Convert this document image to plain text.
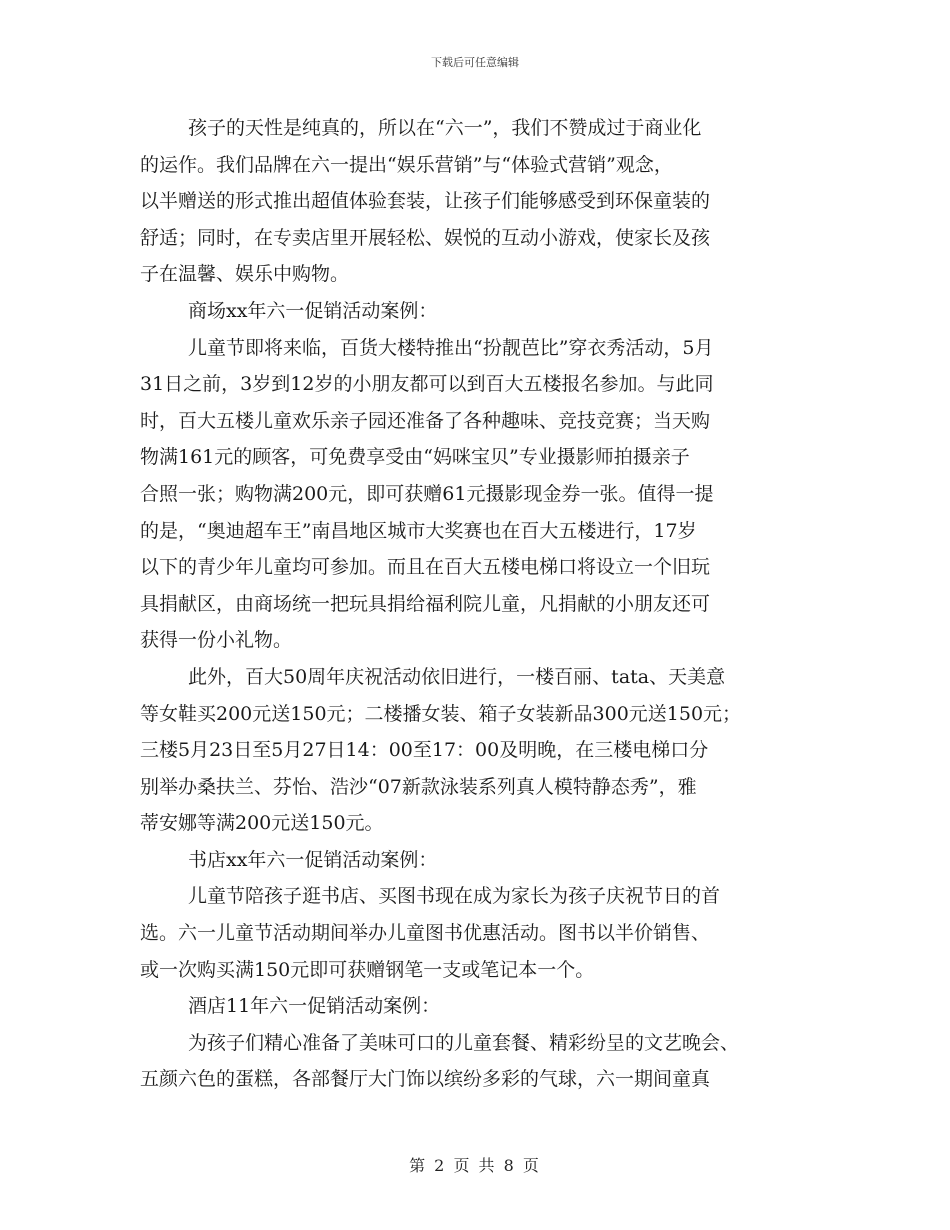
下载后可任意编辑
孩子的天性是纯真的，所以在“六一”，我们不赞成过于商业化
的运作。我们品牌在六一提出“娱乐营销”与“体验式营销”观念，
以半赠送的形式推出超值体验套装，让孩子们能够感受到环保童装的
舒适；同时，在专卖店里开展轻松、娱悦的互动小游戏，使家长及孩
子在温馨、娱乐中购物。
商场xx年六一促销活动案例：
儿童节即将来临，百货大楼特推出“扮靓芭比”穿衣秀活动，5月
31日之前，3岁到12岁的小朋友都可以到百大五楼报名参加。与此同
时，百大五楼儿童欢乐亲子园还准备了各种趣味、竞技竞赛；当天购
物满161元的顾客，可免费享受由“妈咪宝贝”专业摄影师拍摄亲子
合照一张；购物满200元，即可获赠61元摄影现金券一张。值得一提
的是，“奥迪超车王”南昌地区城市大奖赛也在百大五楼进行，17岁
以下的青少年儿童均可参加。而且在百大五楼电梯口将设立一个旧玩
具捐献区，由商场统一把玩具捐给福利院儿童，凡捐献的小朋友还可
获得一份小礼物。
此外，百大50周年庆祝活动依旧进行，一楼百丽、tata、天美意
等女鞋买200元送150元；二楼播女装、箱子女装新品300元送150元；
三楼5月23日至5月27日14：00至17：00及明晚，在三楼电梯口分
别举办桑扶兰、芬怡、浩沙“07新款泳装系列真人模特静态秀”，雅
蒂安娜等满200元送150元。
书店xx年六一促销活动案例：
儿童节陪孩子逛书店、买图书现在成为家长为孩子庆祝节日的首
选。六一儿童节活动期间举办儿童图书优惠活动。图书以半价销售、
或一次购买满150元即可获赠钢笔一支或笔记本一个。
酒店11年六一促销活动案例：
为孩子们精心准备了美味可口的儿童套餐、精彩纷呈的文艺晚会、
五颜六色的蛋糕，各部餐厅大门饰以缤纷多彩的气球，六一期间童真
第 2 页 共 8 页
